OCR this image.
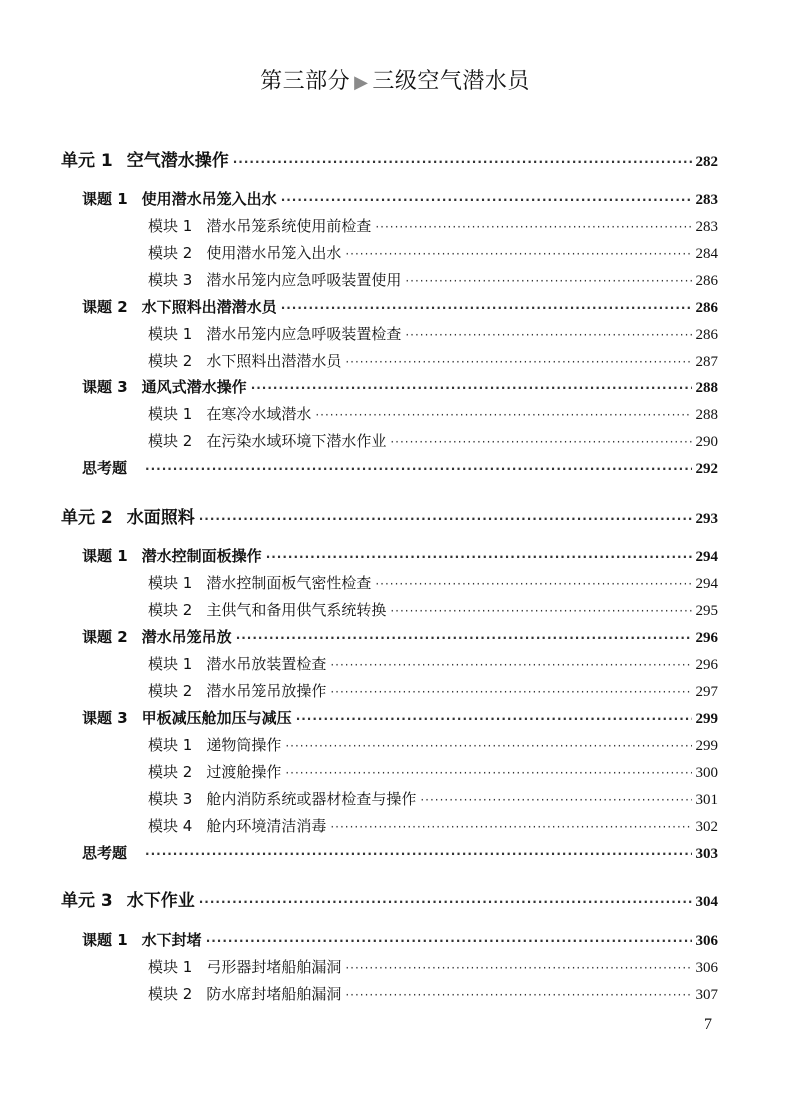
第三部分 ▶ 三级空气潜水员
单元 1 空气潜水操作 ·····	282
课题 1 使用潜水吊笼入出水 ·····	283
模块 1 潜水吊笼系统使用前检查 ·····	283
模块 2 使用潜水吊笼入出水 ·····	284
模块 3 潜水吊笼内应急呼吸装置使用 ·····	286
课题 2 水下照料出潜潜水员 ·····	286
模块 1 潜水吊笼内应急呼吸装置检查 ·····	286
模块 2 水下照料出潜潜水员 ·····	287
课题 3 通风式潜水操作 ·····	288
模块 1 在寒冷水域潜水 ·····	288
模块 2 在污染水域环境下潜水作业 ·····	290
思考题 ·····	292
单元 2 水面照料 ·····	293
课题 1 潜水控制面板操作 ·····	294
模块 1 潜水控制面板气密性检查 ·····	294
模块 2 主供气和备用供气系统转换 ·····	295
课题 2 潜水吊笼吊放 ·····	296
模块 1 潜水吊放装置检查 ·····	296
模块 2 潜水吊笼吊放操作 ·····	297
课题 3 甲板减压舱加压与减压 ·····	299
模块 1 递物筒操作 ·····	299
模块 2 过渡舱操作 ·····	300
模块 3 舱内消防系统或器材检查与操作 ·····	301
模块 4 舱内环境清洁消毒 ·····	302
思考题 ·····	303
单元 3 水下作业 ·····	304
课题 1 水下封堵 ·····	306
模块 1 弓形器封堵船舶漏洞 ·····	306
模块 2 防水席封堵船舶漏洞 ·····	307
7
